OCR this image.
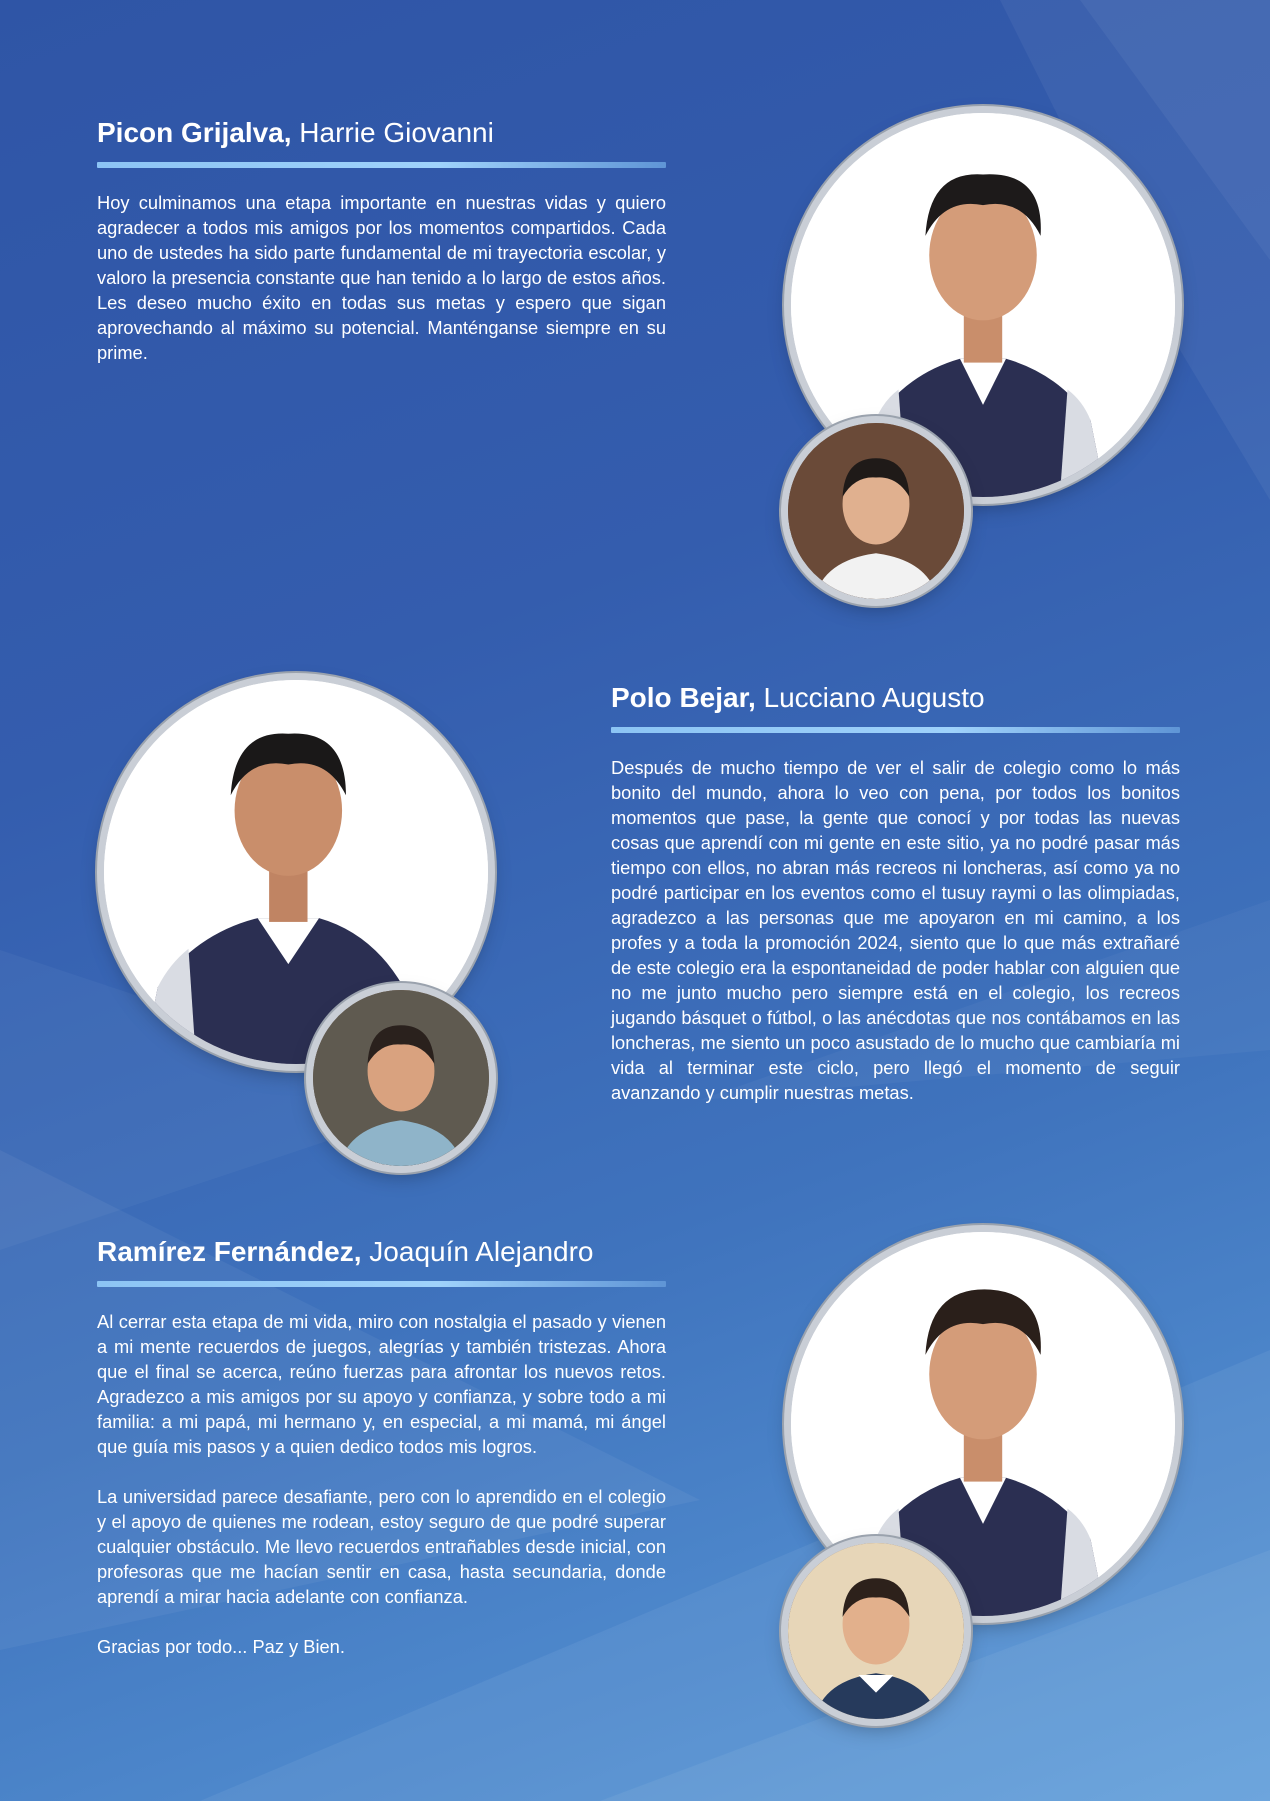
Picon Grijalva, Harrie Giovanni

Hoy culminamos una etapa importante en nuestras vidas y quiero agradecer a todos mis amigos por los momentos compartidos. Cada uno de ustedes ha sido parte fundamental de mi trayectoria escolar, y valoro la presencia constante que han tenido a lo largo de estos años. Les deseo mucho éxito en todas sus metas y espero que sigan aprovechando al máximo su potencial. Manténganse siempre en su prime.

Polo Bejar, Lucciano Augusto

Después de mucho tiempo de ver el salir de colegio como lo más bonito del mundo, ahora lo veo con pena, por todos los bonitos momentos que pase, la gente que conocí y por todas las nuevas cosas que aprendí con mi gente en este sitio, ya no podré pasar más tiempo con ellos, no abran más recreos ni loncheras, así como ya no podré participar en los eventos como el tusuy raymi o las olimpiadas, agradezco a las personas que me apoyaron en mi camino, a los profes y a toda la promoción 2024, siento que lo que más extrañaré de este colegio era la espontaneidad de poder hablar con alguien que no me junto mucho pero siempre está en el colegio, los recreos jugando básquet o fútbol, o las anécdotas que nos contábamos en las loncheras, me siento un poco asustado de lo mucho que cambiaría mi vida al terminar este ciclo, pero llegó el momento de seguir avanzando y cumplir nuestras metas.

Ramírez Fernández, Joaquín Alejandro

Al cerrar esta etapa de mi vida, miro con nostalgia el pasado y vienen a mi mente recuerdos de juegos, alegrías y también tristezas. Ahora que el final se acerca, reúno fuerzas para afrontar los nuevos retos. Agradezco a mis amigos por su apoyo y confianza, y sobre todo a mi familia: a mi papá, mi hermano y, en especial, a mi mamá, mi ángel que guía mis pasos y a quien dedico todos mis logros.

La universidad parece desafiante, pero con lo aprendido en el colegio y el apoyo de quienes me rodean, estoy seguro de que podré superar cualquier obstáculo. Me llevo recuerdos entrañables desde inicial, con profesoras que me hacían sentir en casa, hasta secundaria, donde aprendí a mirar hacia adelante con confianza.

Gracias por todo... Paz y Bien.
